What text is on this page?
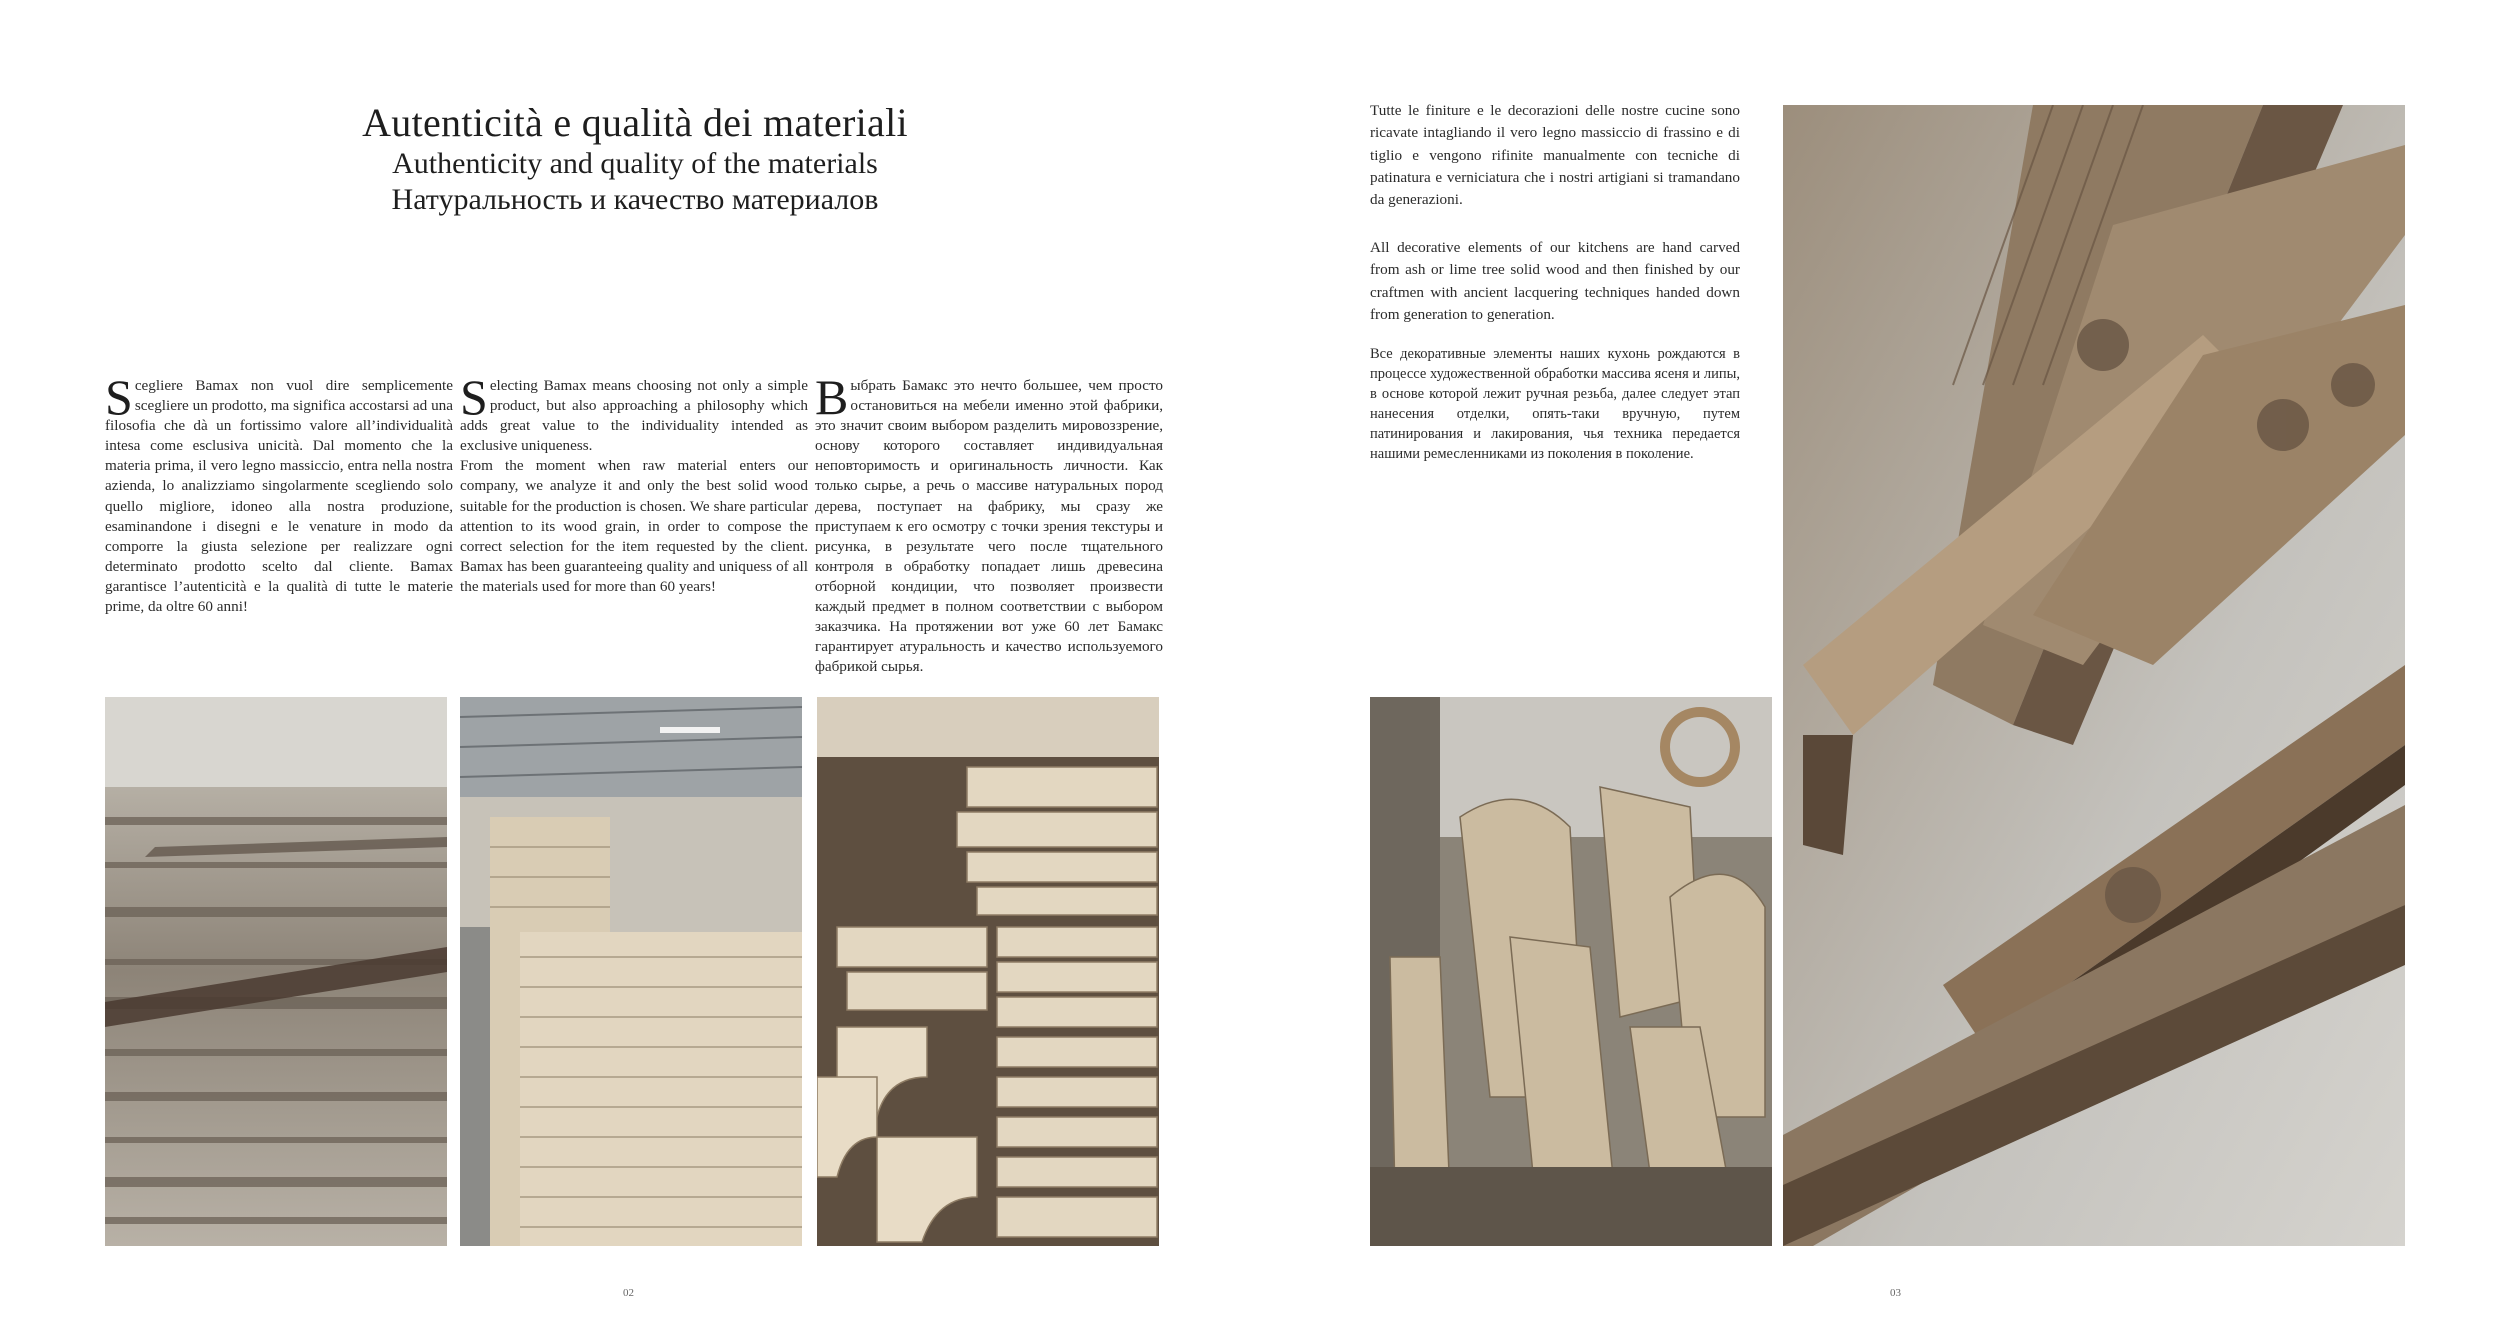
Autenticità e qualità dei materiali
Authenticity and quality of the materials
Натуральность и качество материалов

Scegliere Bamax non vuol dire semplicemente scegliere un prodotto, ma significa accostarsi ad una filosofia che dà un fortissimo valore all’individualità intesa come esclusiva unicità. Dal momento che la materia prima, il vero legno massiccio, entra nella nostra azienda, lo analizziamo singolarmente scegliendo solo quello migliore, idoneo alla nostra produzione, esaminandone i disegni e le venature in modo da comporre la giusta selezione per realizzare ogni determinato prodotto scelto dal cliente. Bamax garantisce l’autenticità e la qualità di tutte le materie prime, da oltre 60 anni!

Selecting Bamax means choosing not only a simple product, but also approaching a philosophy which adds great value to the individuality intended as exclusive uniqueness.

From the moment when raw material enters our company, we analyze it and only the best solid wood suitable for the production is chosen. We share particular attention to its wood grain, in order to compose the correct selection for the item requested by the client. Bamax has been guaranteeing quality and uniquess of all the materials used for more than 60 years!

Выбрать Бамакс это нечто большее, чем просто остановиться на мебели именно этой фабрики, это значит своим выбором разделить мировоззрение, основу которого составляет индивидуальная неповторимость и оригинальность личности. Как только сырье, а речь о массиве натуральных пород дерева, поступает на фабрику, мы сразу же приступаем к его осмотру с точки зрения текстуры и рисунка, в результате чего после тщательного контроля в обработку попадает лишь древесина отборной кондиции, что позволяет произвести каждый предмет в полном соответствии с выбором заказчика. На протяжении вот уже 60 лет Бамакс гарантирует атуральность и качество используемого фабрикой сырья.

02

Tutte le finiture e le decorazioni delle nostre cucine sono ricavate intagliando il vero legno massiccio di frassino e di tiglio e vengono rifinite manualmente con tecniche di patinatura e verniciatura che i nostri artigiani si tramandano da generazioni.

All decorative elements of our kitchens are hand carved from ash or lime tree solid wood and then finished by our craftmen with ancient lacquering techniques handed down from generation to generation.

Все декоративные элементы наших кухонь рождаются в процессе художественной обработки массива ясеня и липы, в основе которой лежит ручная резьба, далее следует этап нанесения отделки, опять-таки вручную, путем патинирования и лакирования, чья техника передается нашими ремесленниками из поколения в поколение.

03
